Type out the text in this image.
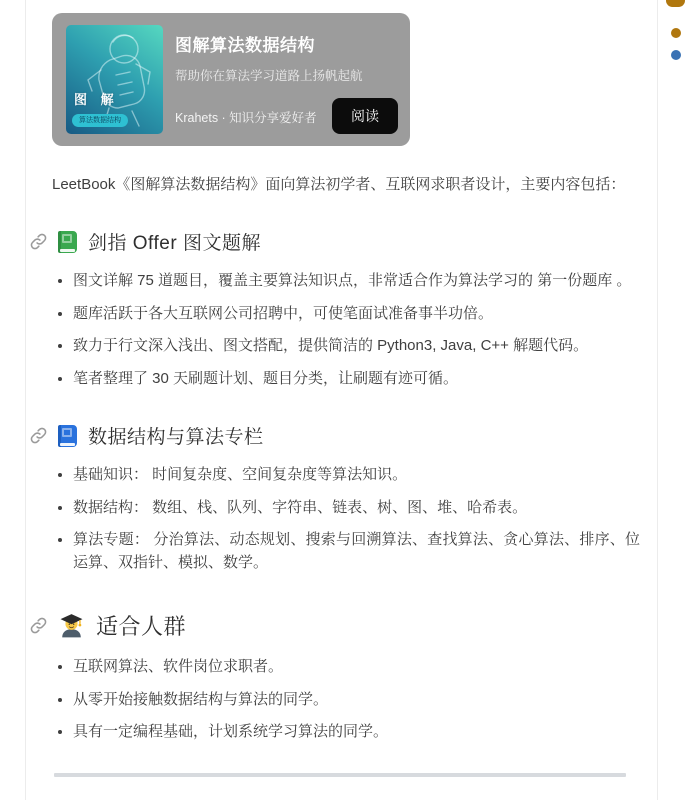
图 解
算法数据结构
图解算法数据结构
帮助你在算法学习道路上扬帆起航
Krahets · 知识分享爱好者	阅读

LeetBook《图解算法数据结构》面向算法初学者、互联网求职者设计，主要内容包括：

剑指 Offer 图文题解
• 图文详解 75 道题目，覆盖主要算法知识点，非常适合作为算法学习的 第一份题库 。
• 题库活跃于各大互联网公司招聘中，可使笔面试准备事半功倍。
• 致力于行文深入浅出、图文搭配，提供简洁的 Python3, Java, C++ 解题代码。
• 笔者整理了 30 天刷题计划、题目分类，让刷题有迹可循。
数据结构与算法专栏
• 基础知识： 时间复杂度、空间复杂度等算法知识。
• 数据结构： 数组、栈、队列、字符串、链表、树、图、堆、哈希表。
• 算法专题： 分治算法、动态规划、搜索与回溯算法、查找算法、贪心算法、排序、位运算、双指针、模拟、数学。
适合人群
• 互联网算法、软件岗位求职者。
• 从零开始接触数据结构与算法的同学。
• 具有一定编程基础，计划系统学习算法的同学。
